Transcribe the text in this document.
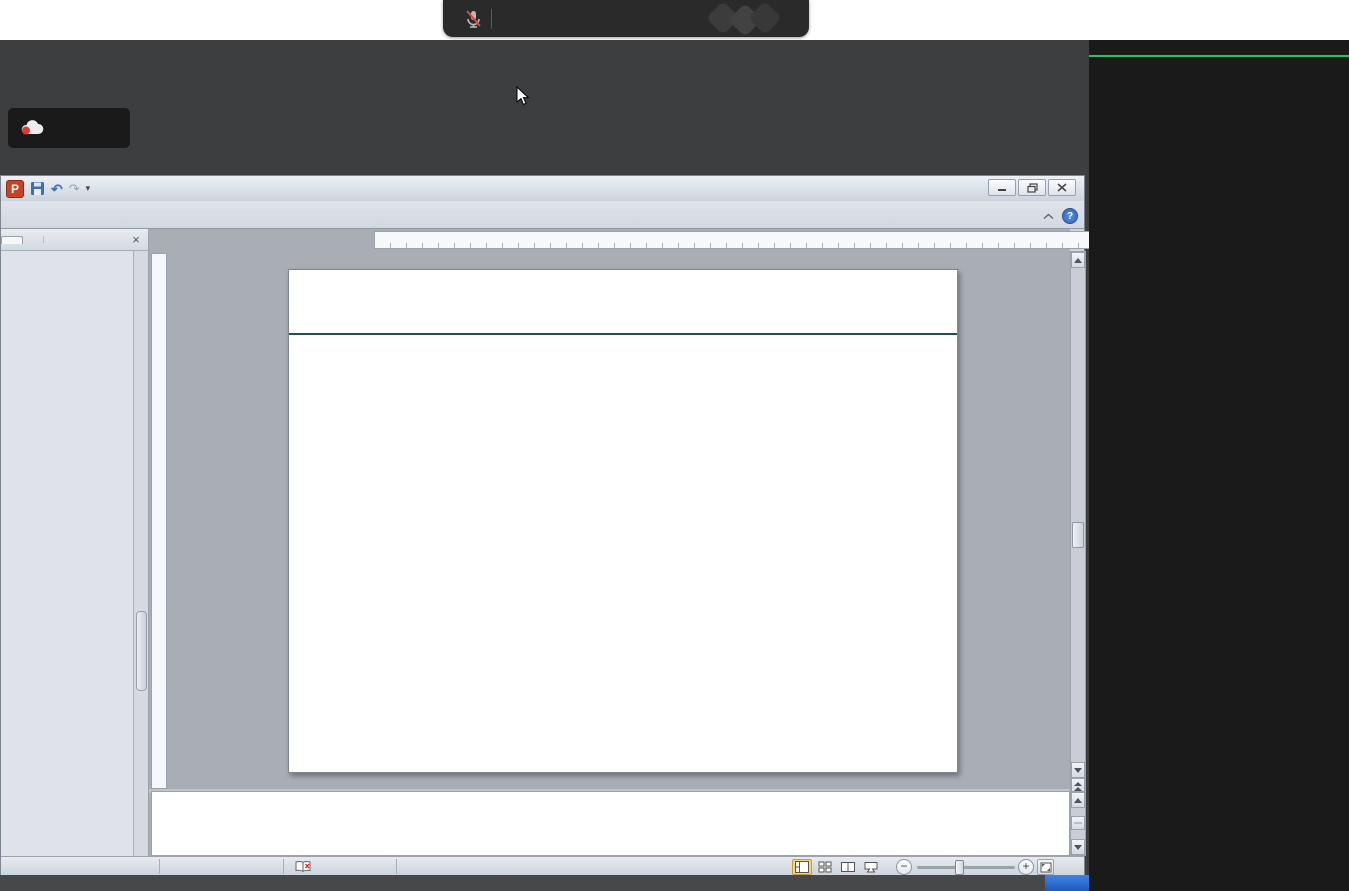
P	↶ ↷ ▾
?
×
−	+
